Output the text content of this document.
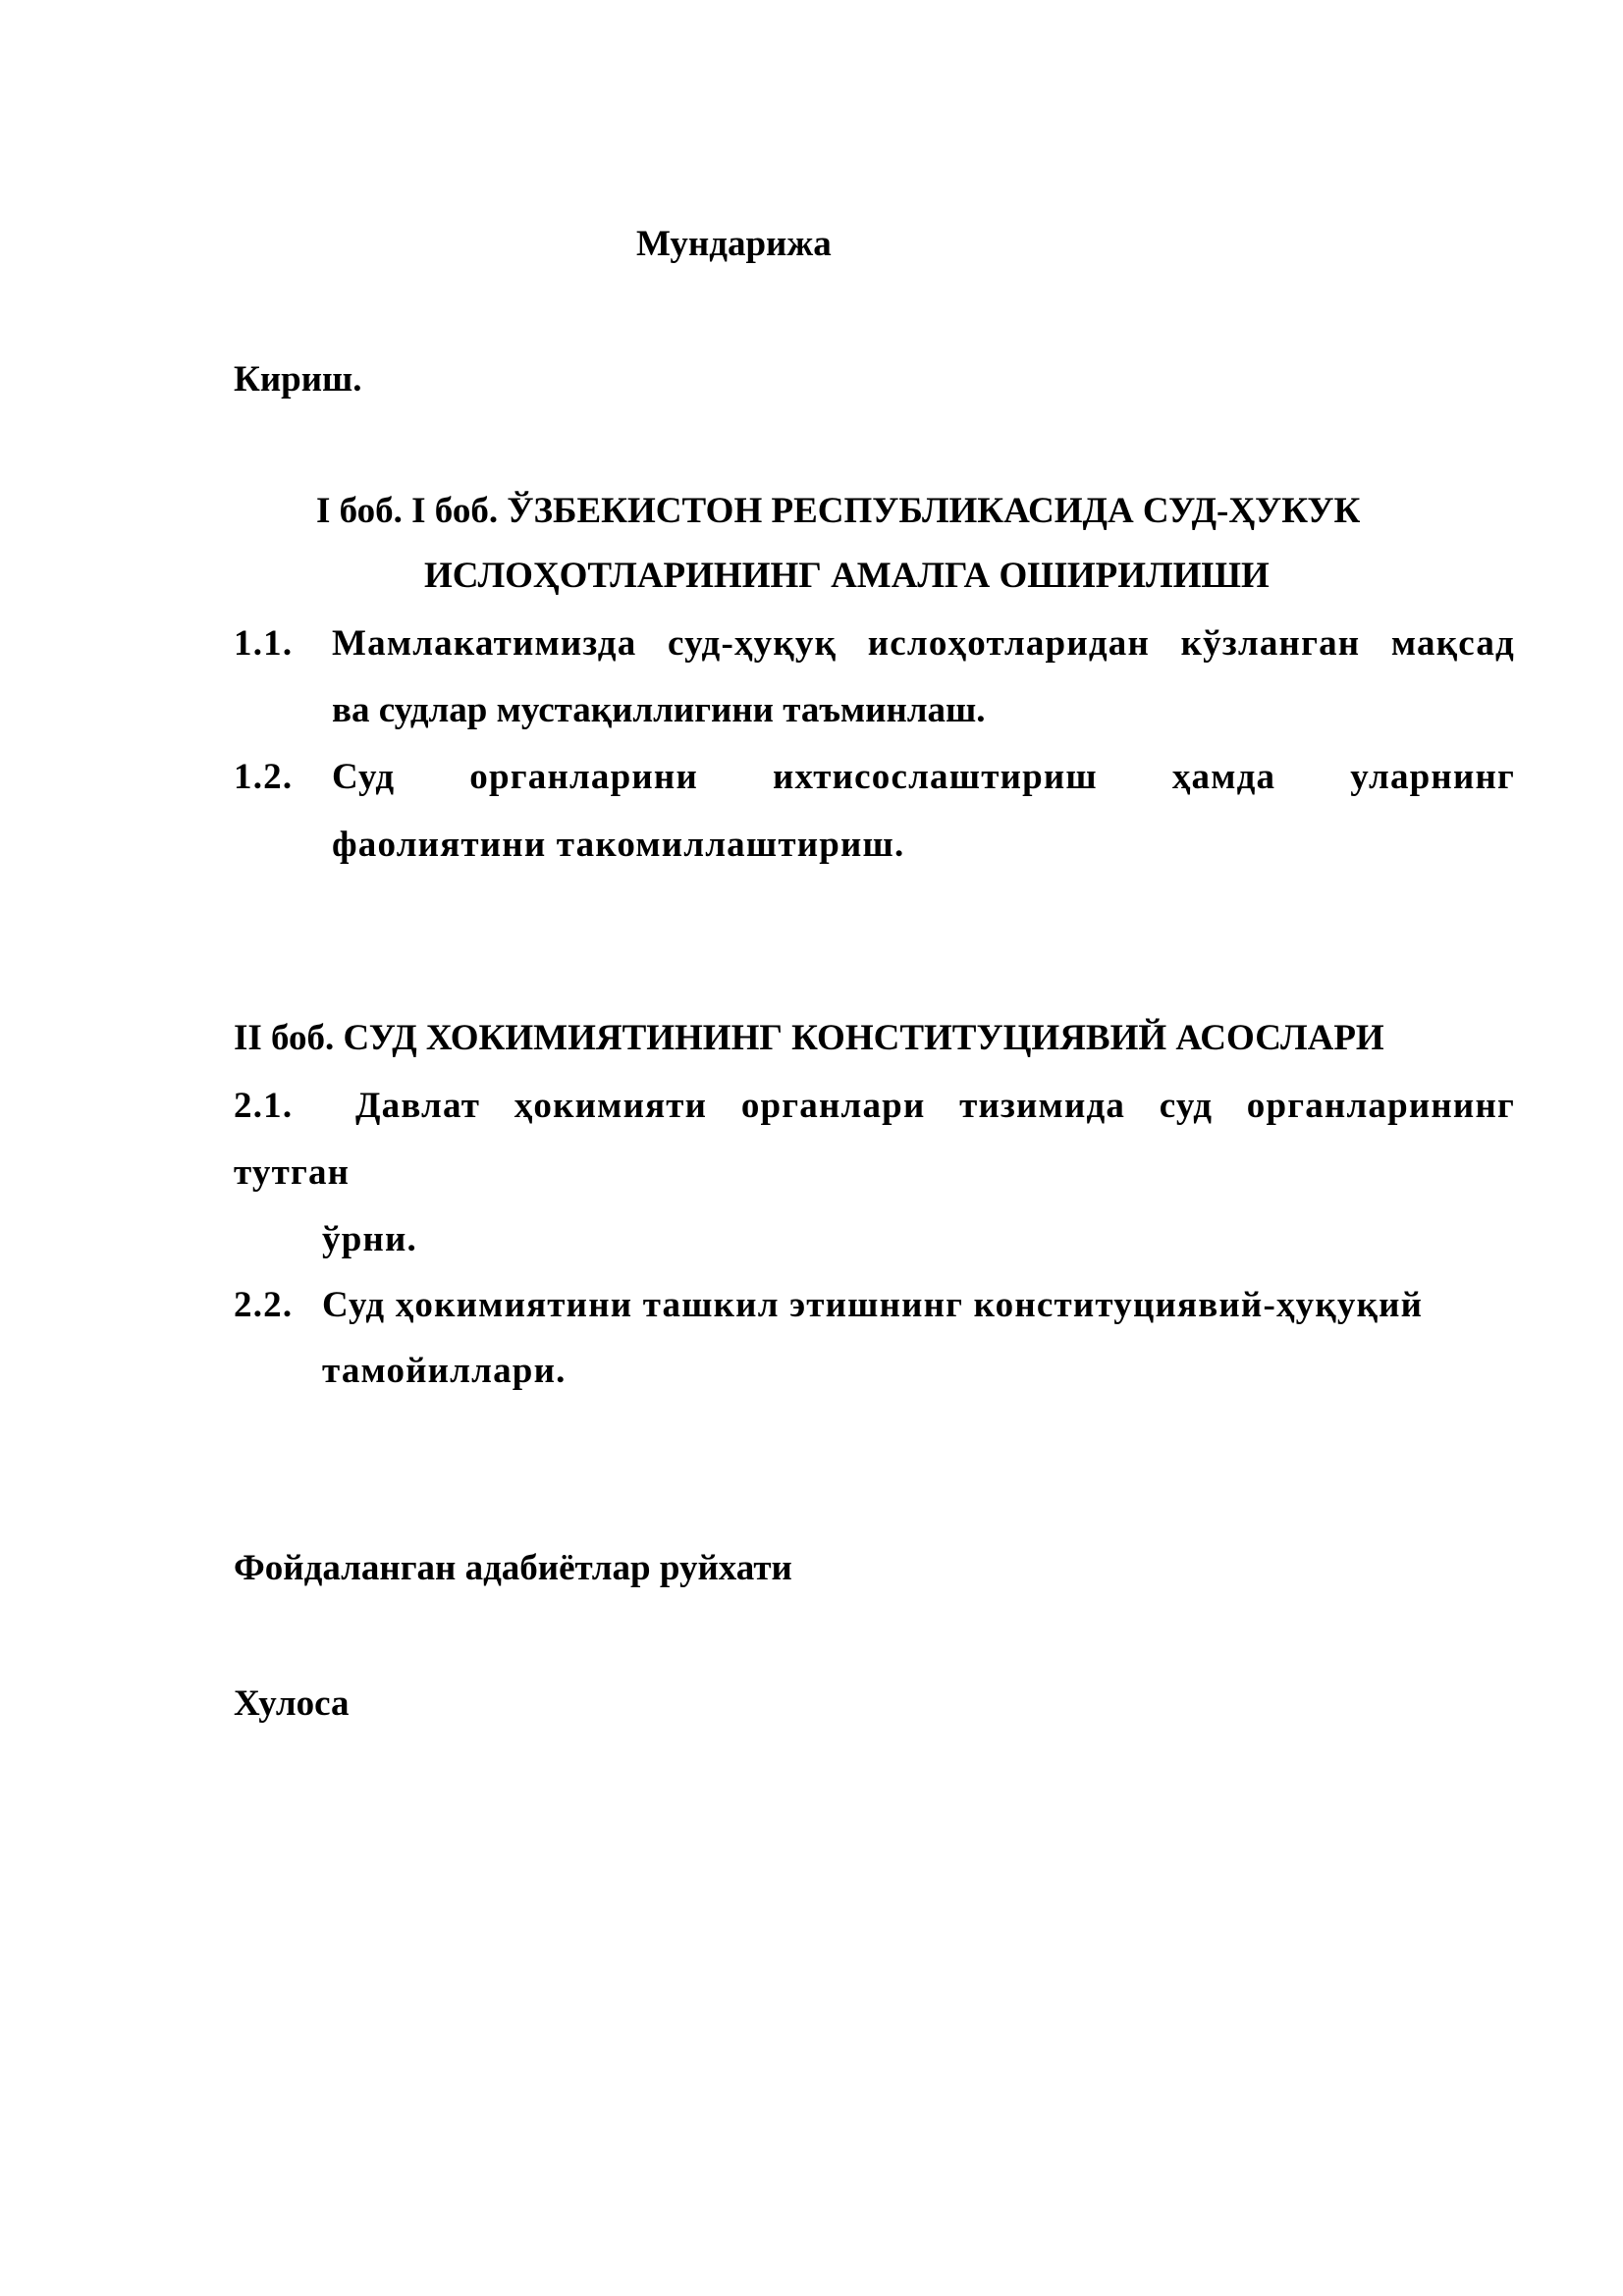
Мундарижа
Кириш.
I боб. I боб. ЎЗБЕКИСТОН РЕСПУБЛИКАСИДА СУД-ҲУКУК
ИСЛОҲОТЛАРИНИНГ АМАЛГА ОШИРИЛИШИ
1.1. Мамлакатимизда суд-ҳуқуқ ислоҳотларидан кўзланган мақсад
ва судлар мустақиллигини таъминлаш.
1.2. Суд органларини ихтисослаштириш ҳамда уларнинг
фаолиятини такомиллаштириш.
II боб. СУД ХОКИМИЯТИНИНГ КОНСТИТУЦИЯВИЙ АСОСЛАРИ
2.1. Давлат ҳокимияти органлари тизимида суд органларининг
тутган
ўрни.
2.2. Суд ҳокимиятини ташкил этишнинг конституциявий-ҳуқуқий
тамойиллари.
Фойдаланган адабиётлар руйхати
Хулоса
